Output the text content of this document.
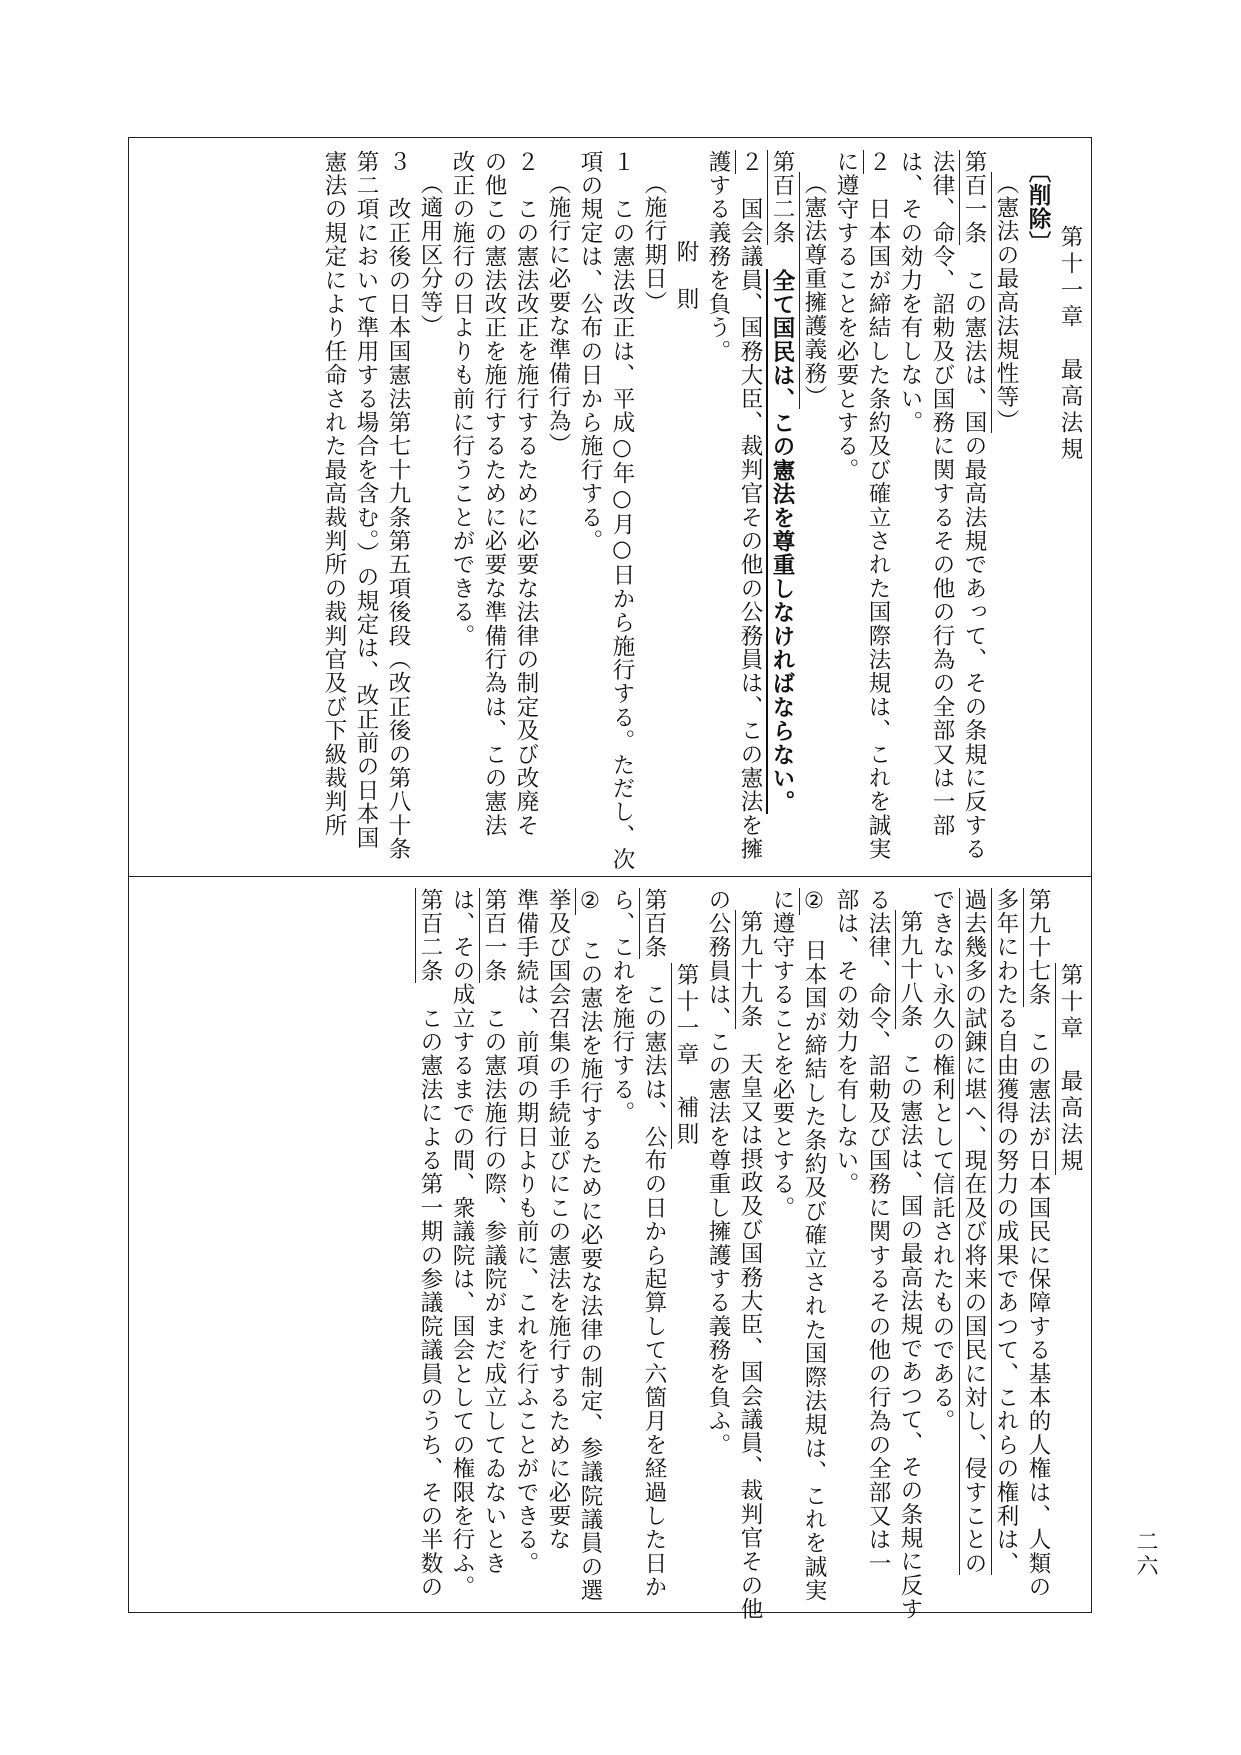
二六
第十一章　最高法規
〔削除〕
（憲法の最高法規性等）
第百一条　この憲法は、国の最高法規であって、その条規に反する
法律、命令、詔勅及び国務に関するその他の行為の全部又は一部
は、その効力を有しない。
２　日本国が締結した条約及び確立された国際法規は、これを誠実
に遵守することを必要とする。
（憲法尊重擁護義務）
第百二条　全て国民は、この憲法を尊重しなければならない。
２　国会議員、国務大臣、裁判官その他の公務員は、この憲法を擁
護する義務を負う。
附　則
（施行期日）
１　この憲法改正は、平成○年○月○日から施行する。ただし、次
項の規定は、公布の日から施行する。
（施行に必要な準備行為）
２　この憲法改正を施行するために必要な法律の制定及び改廃そ
の他この憲法改正を施行するために必要な準備行為は、この憲法
改正の施行の日よりも前に行うことができる。
（適用区分等）
３　改正後の日本国憲法第七十九条第五項後段（改正後の第八十条
第二項において準用する場合を含む。）の規定は、改正前の日本国
憲法の規定により任命された最高裁判所の裁判官及び下級裁判所
第十章　最高法規
第九十七条　この憲法が日本国民に保障する基本的人権は、人類の
多年にわたる自由獲得の努力の成果であつて、これらの権利は、
過去幾多の試錬に堪へ、現在及び将来の国民に対し、侵すことの
できない永久の権利として信託されたものである。
第九十八条　この憲法は、国の最高法規であつて、その条規に反す
る法律、命令、詔勅及び国務に関するその他の行為の全部又は一
部は、その効力を有しない。
②　日本国が締結した条約及び確立された国際法規は、これを誠実
に遵守することを必要とする。
第九十九条　天皇又は摂政及び国務大臣、国会議員、裁判官その他
の公務員は、この憲法を尊重し擁護する義務を負ふ。
第十一章　補則
第百条　この憲法は、公布の日から起算して六箇月を経過した日か
ら、これを施行する。
②　この憲法を施行するために必要な法律の制定、参議院議員の選
挙及び国会召集の手続並びにこの憲法を施行するために必要な
準備手続は、前項の期日よりも前に、これを行ふことができる。
第百一条　この憲法施行の際、参議院がまだ成立してゐないとき
は、その成立するまでの間、衆議院は、国会としての権限を行ふ。
第百二条　この憲法による第一期の参議院議員のうち、その半数の
